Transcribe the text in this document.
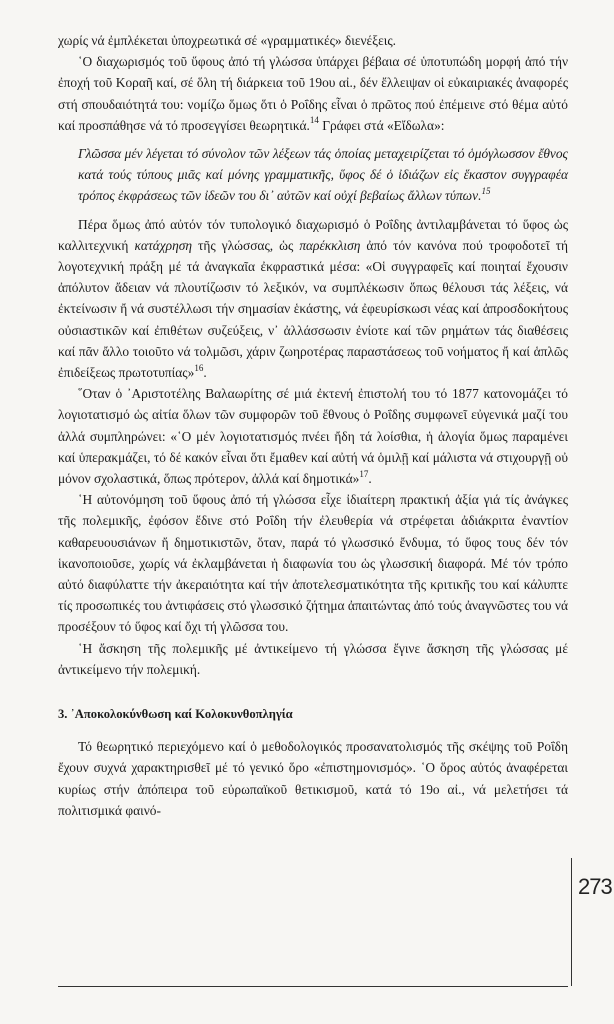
χωρίς νά ἐμπλέκεται ὑποχρεωτικά σέ «γραμματικές» διενέξεις.

῾Ο διαχωρισμός τοῦ ὕφους ἀπό τή γλώσσα ὑπάρχει βέβαια σέ ὑποτυπώδη μορφή ἀπό τήν ἐποχή τοῦ Κοραῆ καί, σέ ὅλη τή διάρκεια τοῦ 19ου αἰ., δέν ἔλλειψαν οἱ εὐκαιριακές ἀναφορές στή σπουδαιότητά του: νομίζω ὅμως ὅτι ὁ Ροΐδης εἶναι ὁ πρῶτος πού ἐπέμεινε στό θέμα αὐτό καί προσπάθησε νά τό προσεγγίσει θεωρητικά.$^{14}$ Γράφει στά «Εἴδωλα»:

Γλῶσσα μέν λέγεται τό σύνολον τῶν λέξεων τάς ὁποίας μεταχειρίζεται τό ὁμόγλωσσον ἔθνος κατά τούς τύπους μιᾶς καί μόνης γραμματικῆς, ὕφος δέ ὁ ἰδιάζων εἰς ἕκαστον συγγραφέα τρόπος ἐκφράσεως τῶν ἰδεῶν του δι᾽ αὐτῶν καί οὐχί βεβαίως ἄλλων τύπων.$^{15}$

Πέρα ὅμως ἀπό αὐτόν τόν τυπολογικό διαχωρισμό ὁ Ροΐδης ἀντιλαμβάνεται τό ὕφος ὡς καλλιτεχνική κατάχρηση τῆς γλώσσας, ὡς παρέκκλιση ἀπό τόν κανόνα πού τροφοδοτεῖ τή λογοτεχνική πράξη μέ τά ἀναγκαῖα ἐκφραστικά μέσα: «Οἱ συγγραφεῖς καί ποιηταί ἔχουσιν ἀπόλυτον ἄδειαν νά πλουτίζωσιν τό λεξικόν, να συμπλέκωσιν ὅπως θέλουσι τάς λέξεις, νά ἐκτείνωσιν ἤ νά συστέλλωσι τήν σημασίαν ἑκάστης, νά ἐφευρίσκωσι νέας καί ἀπροσδοκήτους οὐσιαστικῶν καί ἐπιθέτων συζεύξεις, ν᾽ ἀλλάσσωσιν ἐνίοτε καί τῶν ρημάτων τάς διαθέσεις καί πᾶν ἄλλο τοιοῦτο νά τολμῶσι, χάριν ζωηροτέρας παραστάσεως τοῦ νοήματος ἤ καί ἁπλῶς ἐπιδείξεως πρωτοτυπίας»$^{16}$.

῞Οταν ὁ ᾽Αριστοτέλης Βαλαωρίτης σέ μιά ἐκτενή ἐπιστολή του τό 1877 κατονομάζει τό λογιοτατισμό ὡς αἰτία ὅλων τῶν συμφορῶν τοῦ ἔθνους ὁ Ροΐδης συμφωνεῖ εὐγενικά μαζί του ἀλλά συμπληρώνει: «῾Ο μέν λογιοτατισμός πνέει ἤδη τά λοίσθια, ἡ ἀλογία ὅμως παραμένει καί ὑπερακμάζει, τό δέ κακόν εἶναι ὅτι ἔμαθεν καί αὐτή νά ὁμιλῇ καί μάλιστα νά στιχουργῇ οὐ μόνον σχολαστικά, ὅπως πρότερον, ἀλλά καί δημοτικά»$^{17}$.

῾Η αὐτονόμηση τοῦ ὕφους ἀπό τή γλώσσα εἶχε ἰδιαίτερη πρακτική ἀξία γιά τίς ἀνάγκες τῆς πολεμικῆς, ἐφόσον ἔδινε στό Ροΐδη τήν ἐλευθερία νά στρέφεται ἀδιάκριτα ἐναντίον καθαρευουσιάνων ἤ δημοτικιστῶν, ὅταν, παρά τό γλωσσικό ἔνδυμα, τό ὕφος τους δέν τόν ἱκανοποιοῦσε, χωρίς νά ἐκλαμβάνεται ἡ διαφωνία του ὡς γλωσσική διαφορά. Μέ τόν τρόπο αὐτό διαφύλαττε τήν ἀκεραιότητα καί τήν ἀποτελεσματικότητα τῆς κριτικῆς του καί κάλυπτε τίς προσωπικές του ἀντιφάσεις στό γλωσσικό ζήτημα ἀπαιτώντας ἀπό τούς ἀναγνῶστες του νά προσέξουν τό ὕφος καί ὄχι τή γλῶσσα του.

῾Η ἄσκηση τῆς πολεμικῆς μέ ἀντικείμενο τή γλώσσα ἔγινε ἄσκηση τῆς γλώσσας μέ ἀντικείμενο τήν πολεμική.

3. ᾽Αποκολοκύνθωση καί Κολοκυνθοπληγία

Τό θεωρητικό περιεχόμενο καί ὁ μεθοδολογικός προσανατολισμός τῆς σκέψης τοῦ Ροΐδη ἔχουν συχνά χαρακτηρισθεῖ μέ τό γενικό ὅρο «ἐπιστημονισμός». ῾Ο ὅρος αὐτός ἀναφέρεται κυρίως στήν ἀπόπειρα τοῦ εὐρωπαϊκοῦ θετικισμοῦ, κατά τό 19ο αἰ., νά μελετήσει τά πολιτισμικά φαινό-

273
